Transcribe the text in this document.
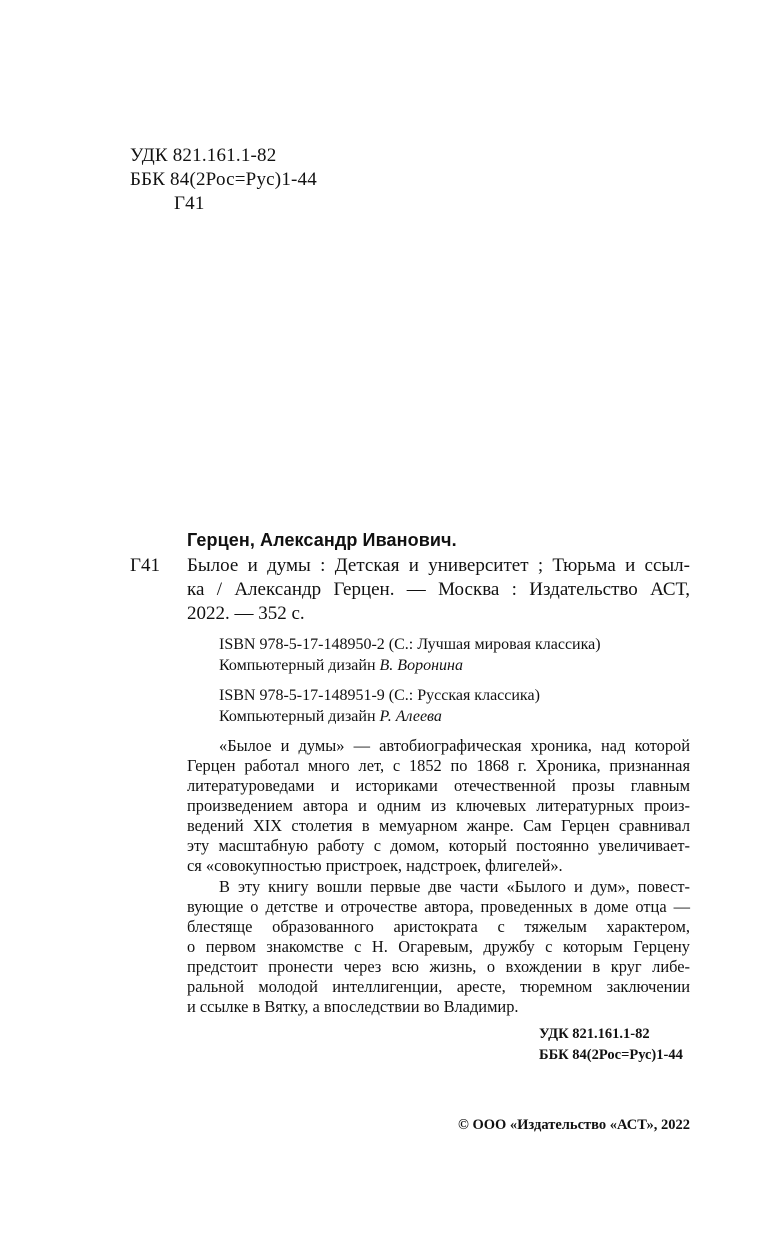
УДК 821.161.1-82
ББК 84(2Рос=Рус)1-44
Г41
Герцен, Александр Иванович.
Г41 Былое и думы : Детская и университет ; Тюрьма и ссыл-
ка / Александр Герцен. — Москва : Издательство АСТ,
2022. — 352 с.
ISBN 978-5-17-148950-2 (С.: Лучшая мировая классика)
Компьютерный дизайн В. Воронина
ISBN 978-5-17-148951-9 (С.: Русская классика)
Компьютерный дизайн Р. Алеева
«Былое и думы» — автобиографическая хроника, над которой
Герцен работал много лет, с 1852 по 1868 г. Хроника, признанная
литературоведами и историками отечественной прозы главным
произведением автора и одним из ключевых литературных произ-
ведений XIX столетия в мемуарном жанре. Сам Герцен сравнивал
эту масштабную работу с домом, который постоянно увеличивает-
ся «совокупностью пристроек, надстроек, флигелей».
В эту книгу вошли первые две части «Былого и дум», повест-
вующие о детстве и отрочестве автора, проведенных в доме отца —
блестяще образованного аристократа с тяжелым характером,
о первом знакомстве с Н. Огаревым, дружбу с которым Герцену
предстоит пронести через всю жизнь, о вхождении в круг либе-
ральной молодой интеллигенции, аресте, тюремном заключении
и ссылке в Вятку, а впоследствии во Владимир.
УДК 821.161.1-82
ББК 84(2Рос=Рус)1-44
© ООО «Издательство «АСТ», 2022
